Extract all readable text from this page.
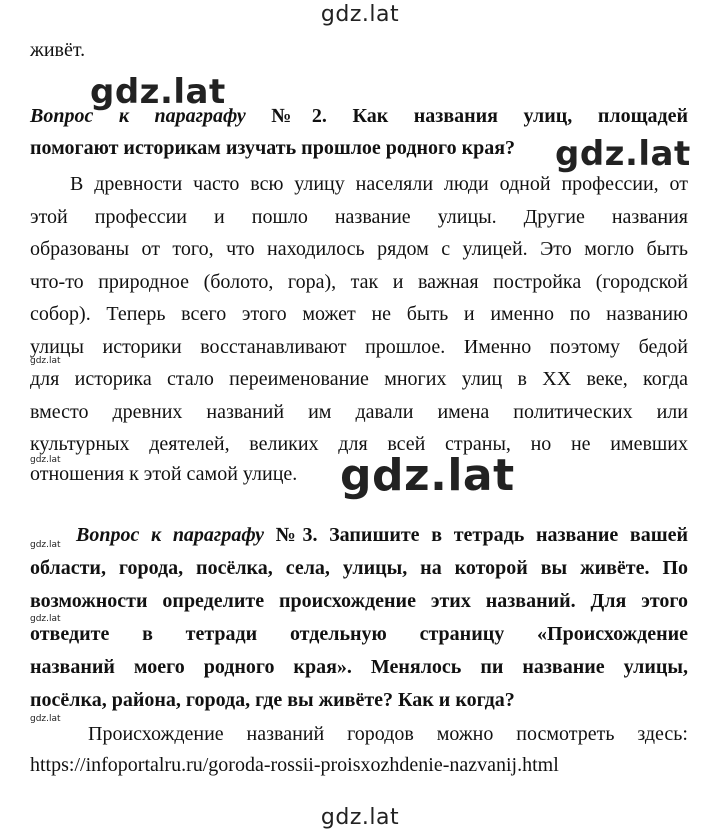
gdz.lat
живёт.
Вопрос к параграфу №2. Как названия улиц, площадей
помогают историкам изучать прошлое родного края?
В древности часто всю улицу населяли люди одной профессии, от
этой профессии и пошло название улицы. Другие названия
образованы от того, что находилось рядом с улицей. Это могло быть
что-то природное (болото, гора), так и важная постройка (городской
собор). Теперь всего этого может не быть и именно по названию
улицы историки восстанавливают прошлое. Именно поэтому бедой
для историка стало переименование многих улиц в XX веке, когда
вместо древних названий им давали имена политических или
культурных деятелей, великих для всей страны, но не имевших
отношения к этой самой улице.
Вопрос к параграфу №3. Запишите в тетрадь название вашей
области, города, посёлка, села, улицы, на которой вы живёте. По
возможности определите происхождение этих названий. Для этого
отведите в тетради отдельную страницу «Происхождение
названий моего родного края». Менялось пи название улицы,
посёлка, района, города, где вы живёте? Как и когда?
Происхождение названий городов можно посмотреть здесь:
https://infoportalru.ru/goroda-rossii-proisxozhdenie-nazvanij.html
gdz.lat
gdz.lat
gdz.lat
gdz.lat
gdz.lat
gdz.lat
gdz.lat
gdz.lat
gdz.lat
